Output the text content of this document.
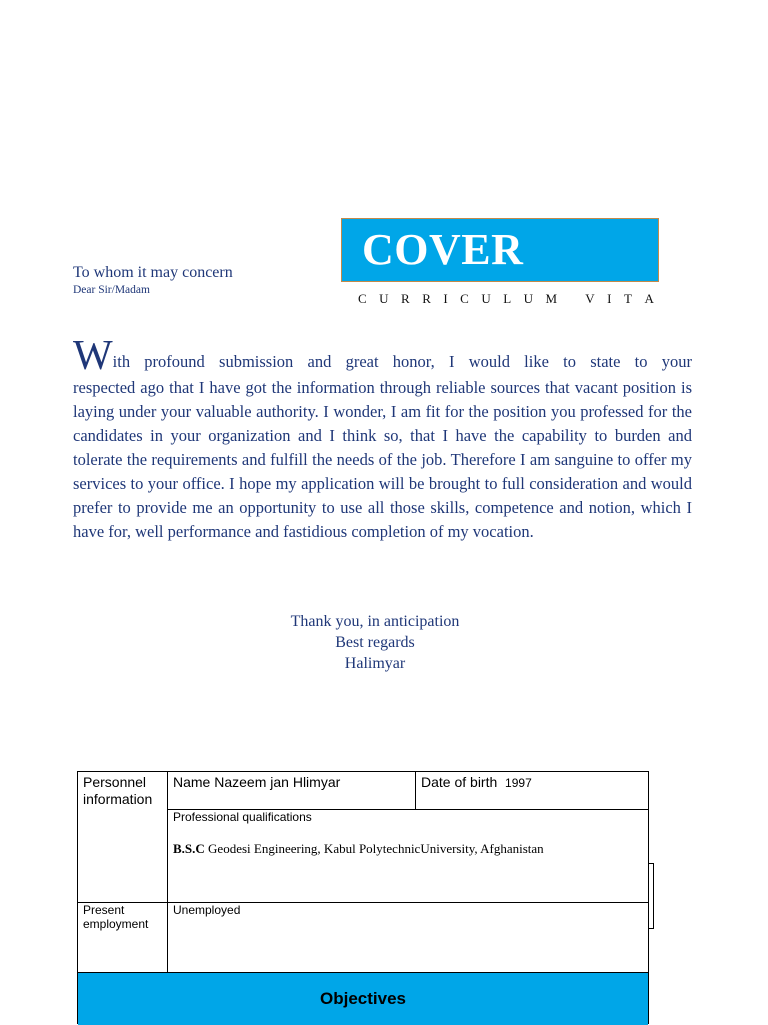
COVER
C U R R I C U L U M
V I T A
To whom it may concern
Dear Sir/Madam
With profound submission and great honor, I would like to state to your
respected ago that I have got the information through reliable sources that vacant position is laying under your valuable authority. I wonder, I am fit for the position you professed for the candidates in your organization and I think so, that I have the capability to burden and tolerate the requirements and fulfill the needs of the job. Therefore I am sanguine to offer my services to your office. I hope my application will be brought to full consideration and would prefer to provide me an opportunity to use all those skills, competence and notion, which I have for, well performance and fastidious completion of my vocation.
Thank you, in anticipation
Best regards
Halimyar
Personnel information
Name Nazeem jan Hlimyar	Date of birth 1997
Professional qualifications
B.S.C Geodesi Engineering, Kabul PolytechnicUniversity, Afghanistan
Present employment
Unemployed
Objectives
